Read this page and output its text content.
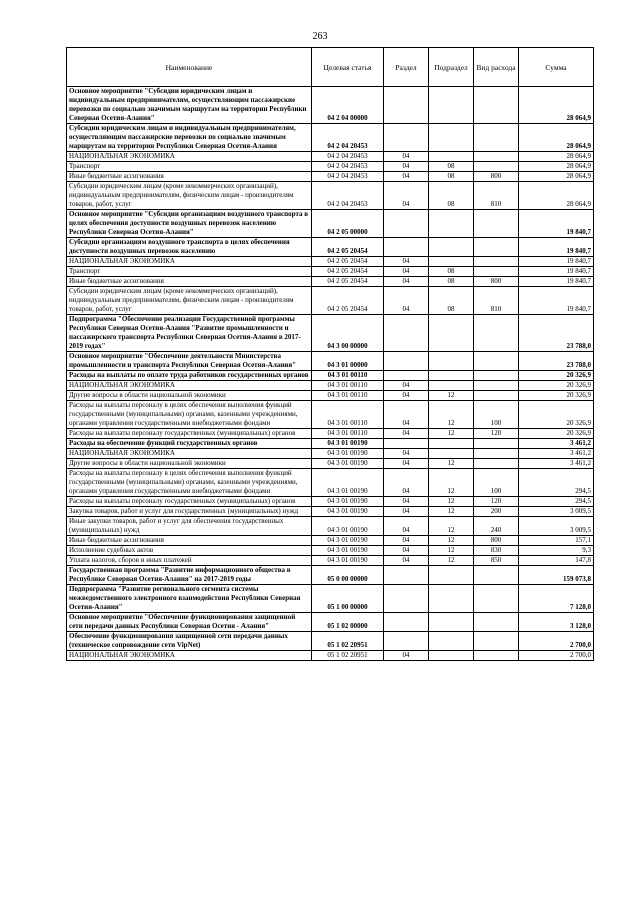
263
Наименование	Целевая статья	Раздел	Подраздел	Вид расхода	Сумма
Основное мероприятие "Субсидии юридическим лицам и индивидуальным предпринимателям, осуществляющим пассажирские перевозки по социально значимым маршрутам на территории Республики Северная Осетия-Алания"	04 2 04 00000				28 064,9
Субсидии юридическим лицам и индивидуальным предпринимателям, осуществляющим пассажирские перевозки по социально значимым маршрутам на территории Республики Северная Осетия-Алания	04 2 04 20453				28 064,9
НАЦИОНАЛЬНАЯ ЭКОНОМИКА	04 2 04 20453	04			28 064,9
Транспорт	04 2 04 20453	04	08		28 064,9
Иные бюджетные ассигнования	04 2 04 20453	04	08	800	28 064,9
Субсидии юридическим лицам (кроме некоммерческих организаций), индивидуальным предпринимателям, физическим лицам - производителям товаров, работ, услуг	04 2 04 20453	04	08	810	28 064,9
Основное мероприятие "Субсидии организациям воздушного транспорта в целях обеспечения доступности воздушных перевозок населению Республики Северная Осетия-Алания"	04 2 05 00000				19 840,7
Субсидии организациям воздушного транспорта в целях обеспечения доступности воздушных перевозок населению	04 2 05 20454				19 840,7
НАЦИОНАЛЬНАЯ ЭКОНОМИКА	04 2 05 20454	04			19 840,7
Транспорт	04 2 05 20454	04	08		19 840,7
Иные бюджетные ассигнования	04 2 05 20454	04	08	800	19 840,7
Субсидии юридическим лицам (кроме некоммерческих организаций), индивидуальным предпринимателям, физическим лицам - производителям товаров, работ, услуг	04 2 05 20454	04	08	810	19 840,7
Подпрограмма "Обеспечение реализации Государственной программы Республики Северная Осетия-Алания "Развитие промышленности и пассажирского транспорта Республики Северная Осетия-Алания в 2017-2019 годах"	04 3 00 00000				23 788,0
Основное мероприятие "Обеспечение деятельности Министерства промышленности и транспорта Республики Северная Осетия-Алания"	04 3 01 00000				23 788,0
Расходы на выплаты по оплате труда работников государственных органов	04 3 01 00110				20 326,9
НАЦИОНАЛЬНАЯ ЭКОНОМИКА	04 3 01 00110	04			20 326,9
Другие вопросы в области национальной экономики	04 3 01 00110	04	12		20 326,9
Расходы на выплаты персоналу в целях обеспечения выполнения функций государственными (муниципальными) органами, казенными учреждениями, органами управления государственными внебюджетными фондами	04 3 01 00110	04	12	100	20 326,9
Расходы на выплаты персоналу государственных (муниципальных) органов	04 3 01 00110	04	12	120	20 326,9
Расходы на обеспечение функций государственных органов	04 3 01 00190				3 461,2
НАЦИОНАЛЬНАЯ ЭКОНОМИКА	04 3 01 00190	04			3 461,2
Другие вопросы в области национальной экономики	04 3 01 00190	04	12		3 461,2
Расходы на выплаты персоналу в целях обеспечения выполнения функций государственными (муниципальными) органами, казенными учреждениями, органами управления государственными внебюджетными фондами	04 3 01 00190	04	12	100	294,5
Расходы на выплаты персоналу государственных (муниципальных) органов	04 3 01 00190	04	12	120	294,5
Закупка товаров, работ и услуг для государственных (муниципальных) нужд	04 3 01 00190	04	12	200	3 009,5
Иные закупки товаров, работ и услуг для обеспечения государственных (муниципальных) нужд	04 3 01 00190	04	12	240	3 009,5
Иные бюджетные ассигнования	04 3 01 00190	04	12	800	157,1
Исполнение судебных актов	04 3 01 00190	04	12	830	9,3
Уплата налогов, сборов и иных платежей	04 3 01 00190	04	12	850	147,8
Государственная программа "Развитие информационного общества в Республике Северная Осетия-Алания" на 2017-2019 годы	05 0 00 00000				159 073,8
Подпрограмма "Развитие регионального сегмента системы межведомственного электронного взаимодействия Республики Северная Осетия-Алания"	05 1 00 00000				7 128,0
Основное мероприятие "Обеспечение функционирования защищенной сети передачи данных Республики Северная Осетия - Алания"	05 1 02 00000				3 128,0
Обеспечение функционирования защищенной сети передачи данных (техническое сопровождение сети VipNet)	05 1 02 20951				2 700,0
НАЦИОНАЛЬНАЯ ЭКОНОМИКА	05 1 02 20951	04			2 700,0
